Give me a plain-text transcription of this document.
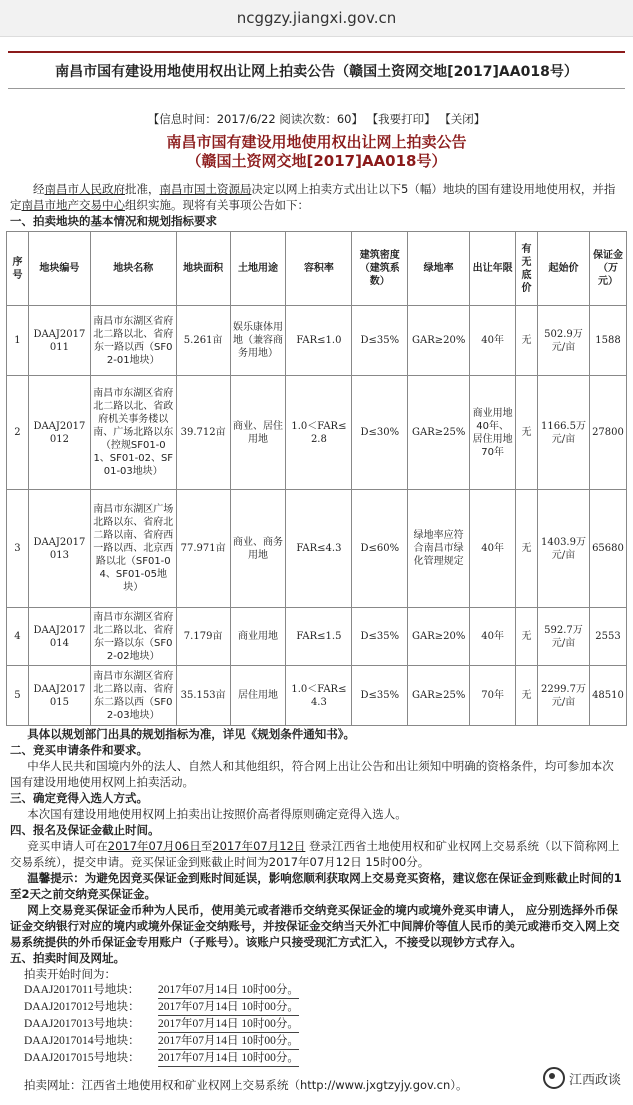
ncggzy.jiangxi.gov.cn
南昌市国有建设用地使用权出让网上拍卖公告（赣国土资网交地[2017]AA018号）
【信息时间：2017/6/22 阅读次数：60】 【我要打印】 【关闭】
南昌市国有建设用地使用权出让网上拍卖公告
（赣国土资网交地[2017]AA018号）
经南昌市人民政府批准，南昌市国土资源局决定以网上拍卖方式出让以下5（幅）地块的国有建设用地使用权，并指定南昌市地产交易中心组织实施。现将有关事项公告如下：
一、拍卖地块的基本情况和规划指标要求
序号	地块编号	地块名称	地块面积	土地用途	容积率	建筑密度（建筑系数）	绿地率	出让年限	有无底价	起始价	保证金（万元）
1	DAAJ2017011	南昌市东湖区省府北二路以北、省府东一路以西（SF02-01地块）	5.261亩	娱乐康体用地（兼容商务用地）	FAR≤1.0	D≤35%	GAR≥20%	40年	无	502.9万元/亩	1588
2	DAAJ2017012	南昌市东湖区省府北二路以北、省政府机关事务楼以南、广场北路以东（控规SF01-01、SF01-02、SF01-03地块）	39.712亩	商业、居住用地	1.0＜FAR≤2.8	D≤30%	GAR≥25%	商业用地40年、居住用地70年	无	1166.5万元/亩	27800
3	DAAJ2017013	南昌市东湖区广场北路以东、省府北二路以南、省府西一路以西、北京西路以北（SF01-04、SF01-05地块）	77.971亩	商业、商务用地	FAR≤4.3	D≤60%	绿地率应符合南昌市绿化管理规定	40年	无	1403.9万元/亩	65680
4	DAAJ2017014	南昌市东湖区省府北二路以北、省府东一路以东（SF02-02地块）	7.179亩	商业用地	FAR≤1.5	D≤35%	GAR≥20%	40年	无	592.7万元/亩	2553
5	DAAJ2017015	南昌市东湖区省府北二路以南、省府东二路以西（SF02-03地块）	35.153亩	居住用地	1.0＜FAR≤4.3	D≤35%	GAR≥25%	70年	无	2299.7万元/亩	48510
具体以规划部门出具的规划指标为准，详见《规划条件通知书》。
二、竞买申请条件和要求。
中华人民共和国境内外的法人、自然人和其他组织，符合网上出让公告和出让须知中明确的资格条件，均可参加本次国有建设用地使用权网上拍卖活动。
三、确定竞得入选人方式。
本次国有建设用地使用权网上拍卖出让按照价高者得原则确定竞得入选人。
四、报名及保证金截止时间。
竞买申请人可在2017年07月06日至2017年07月12日 登录江西省土地使用权和矿业权网上交易系统（以下简称网上交易系统），提交申请。竞买保证金到账截止时间为2017年07月12日 15时00分。
温馨提示：为避免因竞买保证金到账时间延误，影响您顺利获取网上交易竞买资格，建议您在保证金到账截止时间的1至2天之前交纳竞买保证金。
网上交易竞买保证金币种为人民币，使用美元或者港币交纳竞买保证金的境内或境外竞买申请人， 应分别选择外币保证金交纳银行对应的境内或境外保证金交纳账号，并按保证金交纳当天外汇中间牌价等值人民币的美元或港币交入网上交易系统提供的外币保证金专用账户（子账号）。该账户只接受现汇方式汇入，不接受以现钞方式存入。
五、拍卖时间及网址。
拍卖开始时间为：
DAAJ2017011号地块：	2017年07月14日 10时00分。
DAAJ2017012号地块：	2017年07月14日 10时00分。
DAAJ2017013号地块：	2017年07月14日 10时00分。
DAAJ2017014号地块：	2017年07月14日 10时00分。
DAAJ2017015号地块：	2017年07月14日 10时00分。
拍卖网址：江西省土地使用权和矿业权网上交易系统（http://www.jxgtzyjy.gov.cn）。	江西政谈
